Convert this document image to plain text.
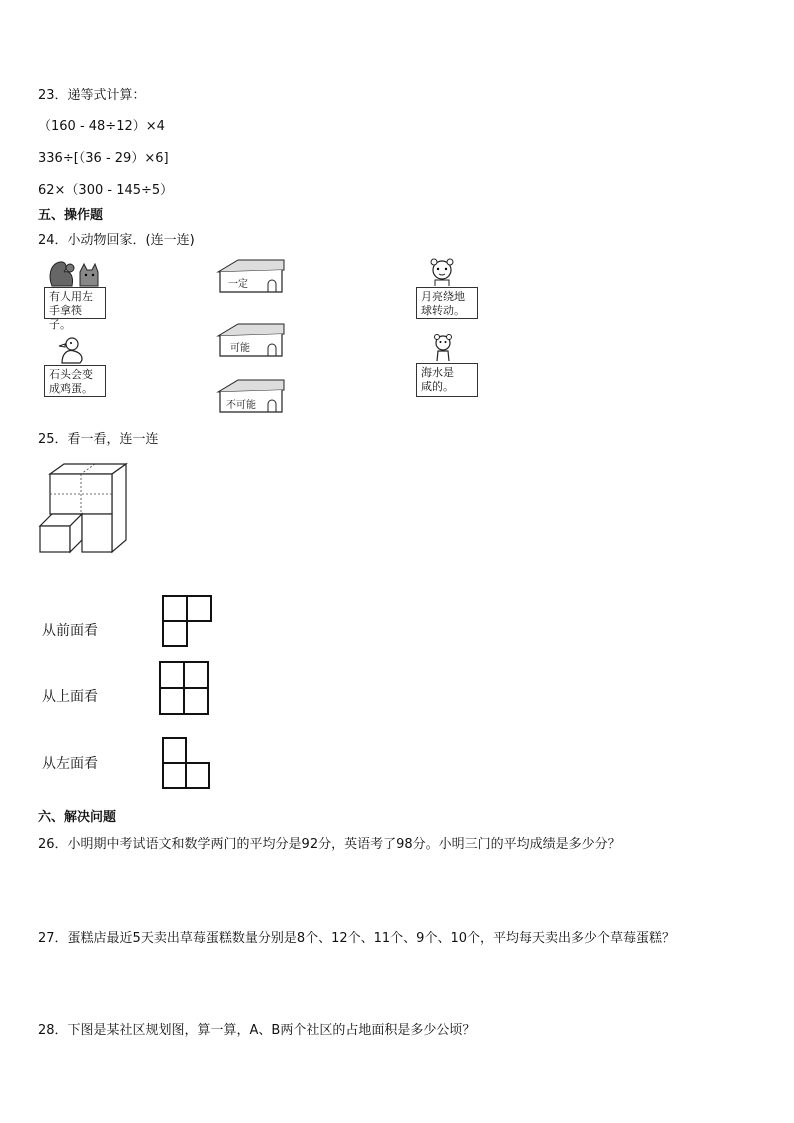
23．递等式计算：
（160 - 48÷12）×4
336÷[（36 - 29）×6]
62×（300 - 145÷5）
五、操作题
24．小动物回家．(连一连)
有人用左
手拿筷子。
石头会变
成鸡蛋。
一定
可能
不可能
月亮绕地
球转动。
海水是
咸的。
25．看一看，连一连
从前面看
从上面看
从左面看
六、解决问题
26．小明期中考试语文和数学两门的平均分是92分，英语考了98分。小明三门的平均成绩是多少分？
27．蛋糕店最近5天卖出草莓蛋糕数量分别是8个、12个、11个、9个、10个，平均每天卖出多少个草莓蛋糕？
28．下图是某社区规划图，算一算，A、B两个社区的占地面积是多少公顷？
